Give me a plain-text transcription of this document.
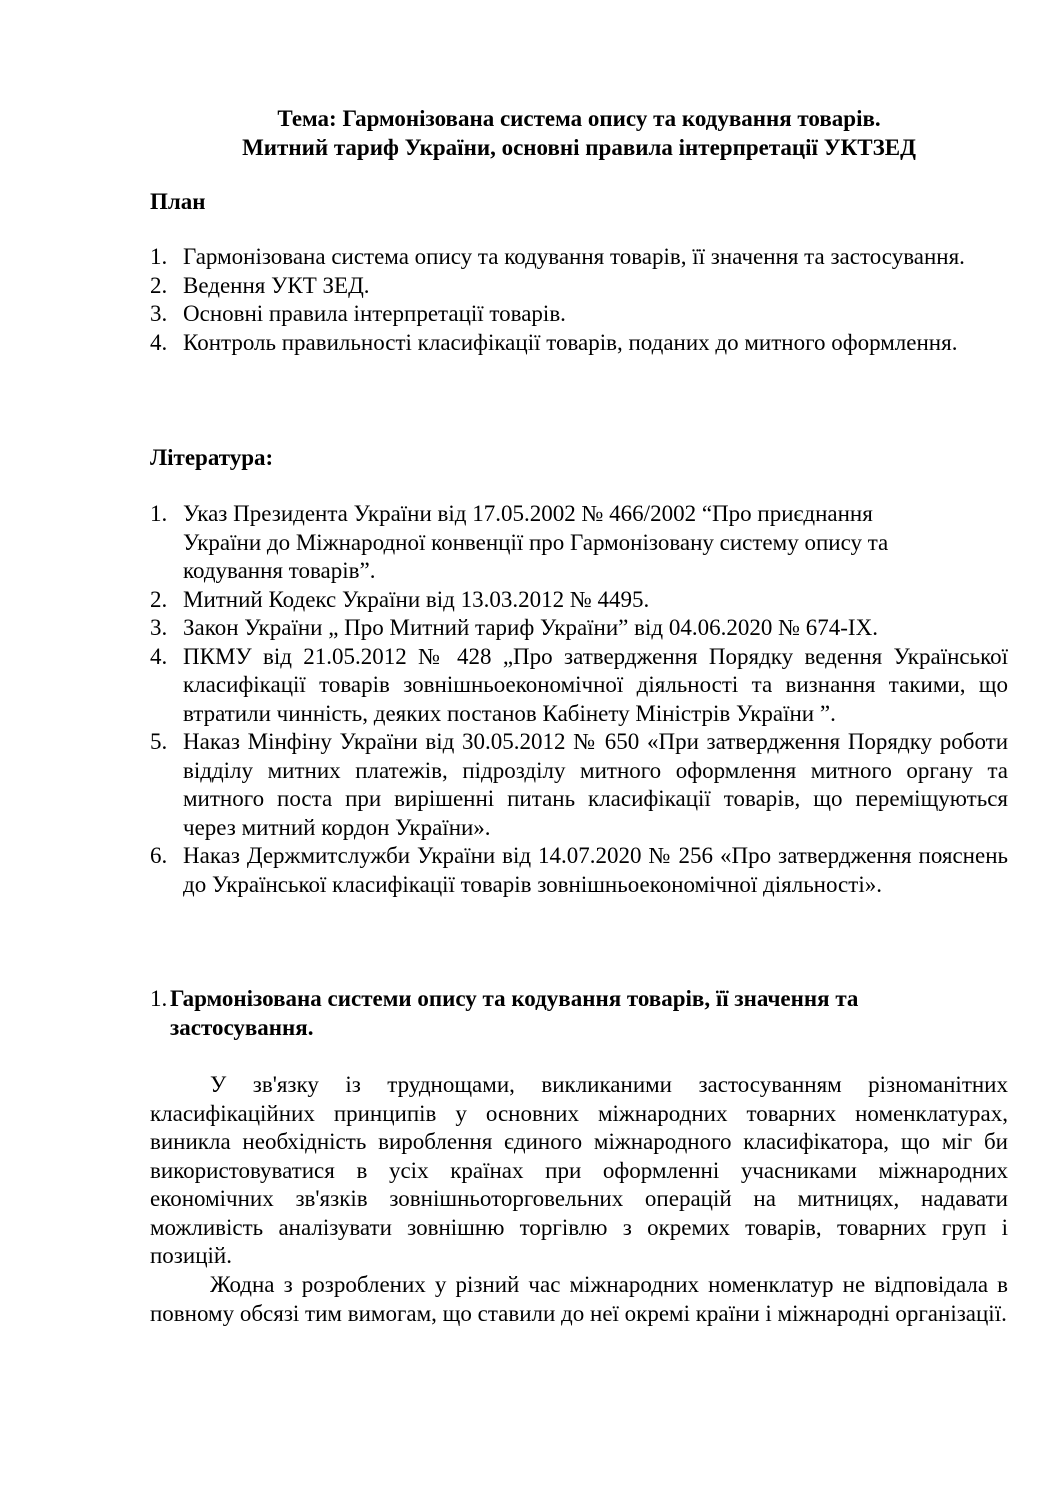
Тема: Гармонізована система опису та кодування товарів.
Митний тариф України, основні правила інтерпретації УКТЗЕД
План
1. Гармонізована система опису та кодування товарів, її значення та застосування.
2. Ведення УКТ ЗЕД.
3. Основні правила інтерпретації товарів.
4. Контроль правильності класифікації товарів, поданих до митного оформлення.
Література:
1. Указ Президента України від 17.05.2002 № 466/2002 “Про приєднання України до Міжнародної конвенції про Гармонізовану систему опису та кодування товарів”.
2. Митний Кодекс України від 13.03.2012 № 4495.
3. Закон України „ Про Митний тариф України” від 04.06.2020 № 674-IX.
4. ПКМУ від 21.05.2012 № 428 „Про затвердження Порядку ведення Української класифікації товарів зовнішньоекономічної діяльності та визнання такими, що втратили чинність, деяких постанов Кабінету Міністрів України ”.
5. Наказ Мінфіну України від 30.05.2012 № 650 «При затвердження Порядку роботи відділу митних платежів, підрозділу митного оформлення митного органу та митного поста при вирішенні питань класифікації товарів, що переміщуються через митний кордон України».
6. Наказ Держмитслужби України від 14.07.2020 № 256 «Про затвердження пояснень до Української класифікації товарів зовнішньоекономічної діяльності».
1. Гармонізована системи опису та кодування товарів, її значення та застосування.

У зв'язку із труднощами, викликаними застосуванням різноманітних класифікаційних принципів у основних міжнародних товарних номенклатурах, виникла необхідність вироблення єдиного міжнародного класифікатора, що міг би використовуватися в усіх країнах при оформленні учасниками міжнародних економічних зв'язків зовнішньоторговельних операцій на митницях, надавати можливість аналізувати зовнішню торгівлю з окремих товарів, товарних груп і позицій.

Жодна з розроблених у різний час міжнародних номенклатур не відповідала в повному обсязі тим вимогам, що ставили до неї окремі країни і міжнародні організації.
